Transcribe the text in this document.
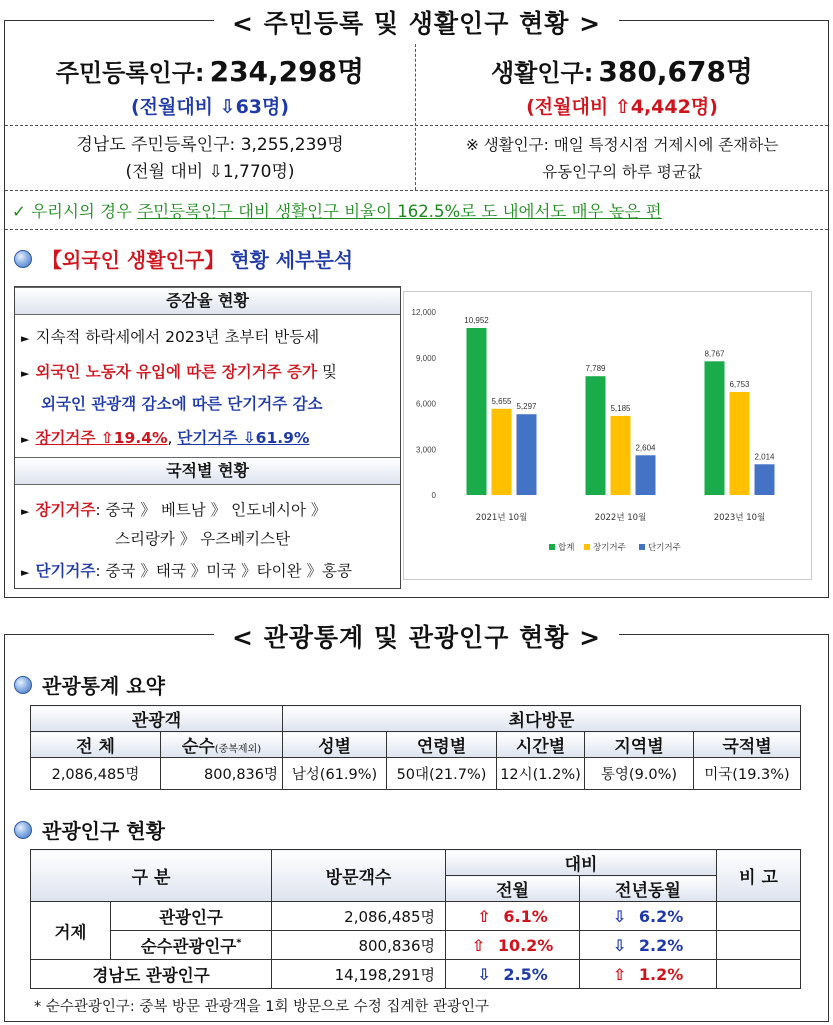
< 주민등록 및 생활인구 현황 >
주민등록인구: 234,298명
(전월대비 ⇩63명)
생활인구: 380,678명
(전월대비 ⇧4,442명)
경남도 주민등록인구: 3,255,239명
(전월 대비 ⇩1,770명)
※ 생활인구: 매일 특정시점 거제시에 존재하는
유동인구의 하루 평균값
✓ 우리시의 경우 주민등록인구 대비 생활인구 비율이 162.5%로 도 내에서도 매우 높은 편
【외국인 생활인구】 현황 세부분석
증감율 현황
► 지속적 하락세에서 2023년 초부터 반등세
► 외국인 노동자 유입에 따른 장기거주 증가 및
외국인 관광객 감소에 따른 단기거주 감소
► 장기거주 ⇧19.4%, 단기거주 ⇩61.9%
국적별 현황
► 장기거주: 중국 》 베트남 》 인도네시아 》
스리랑카 》 우즈베키스탄
► 단기거주: 중국 》태국 》미국 》타이완 》홍콩
0
3,000
6,000
9,000
12,000
10,952
5,655
5,297
2021년 10월
7,789
5,185
2,604
2022년 10월
8,767
6,753
2,014
2023년 10월
합계 장기거주	단기거주
< 관광통계 및 관광인구 현황 >
관광통계 요약
관광객		최다방문				
전 체	순수(중복제외)	성별	연령별	시간별	지역별	국적별
2,086,485명	800,836명	남성(61.9%)	50대(21.7%)	12시(1.2%)	통영(9.0%)	미국(19.3%)
관광인구 현황
구 분		방문객수	대비		비 고
			전월	전년동월	
거제	관광인구	2,086,485명	⇧ 6.1%	⇩ 6.2%	
	순수관광인구*	800,836명	⇧ 10.2%	⇩ 2.2%	
경남도 관광인구		14,198,291명	⇩ 2.5%	⇧ 1.2%	
* 순수관광인구: 중복 방문 관광객을 1회 방문으로 수정 집계한 관광인구
